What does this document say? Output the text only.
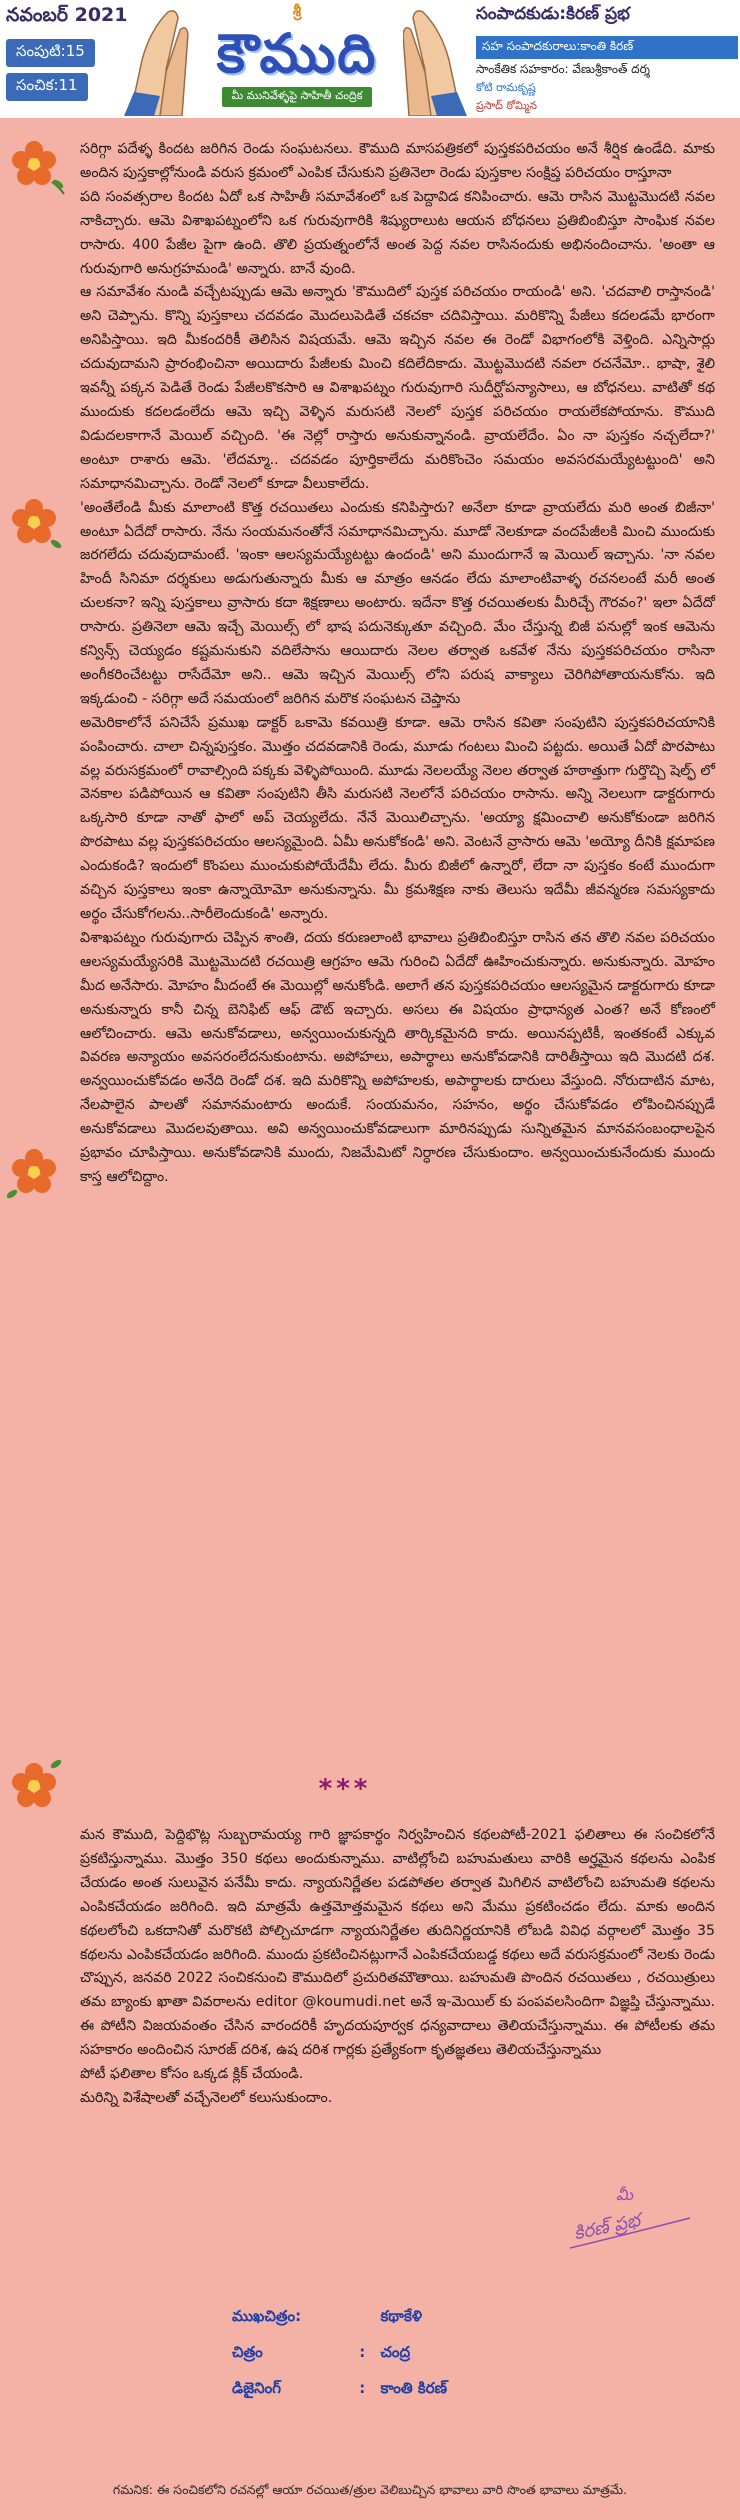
నవంబర్ 2021
సంపుటి:15
సంచిక:11
శ్రీ
కౌముది
మీ మునివేళ్ళపై సాహితీ చంద్రిక
సంపాదకుడు:కిరణ్ ప్రభ
సహ సంపాదకురాలు:కాంతి కిరణ్
సాంకేతిక సహకారం: వేణుశ్రీకాంత్ దర్శ
కోటి రామకృష్ణ
ప్రసాద్ ఠోమ్మిన

సరిగ్గా పదేళ్ళ కిందట జరిగిన రెండు సంఘటనలు. కౌముది మాసపత్రికలో పుస్తకపరిచయం అనే శీర్షిక ఉండేది. మాకు అందిన పుస్తకాల్లోనుండి వరుస క్రమంలో ఎంపిక చేసుకుని ప్రతినెలా రెండు పుస్తకాల సంక్షిప్త పరిచయం రాస్తూనా

పది సంవత్సరాల కిందట ఏదో ఒక సాహితీ సమావేశంలో ఒక పెద్దావిడ కనిపించారు. ఆమె రాసిన మొట్టమొదటి నవల నాకిచ్చారు. ఆమె విశాఖపట్నంలోని ఒక గురువుగారికి శిష్యురాలుట ఆయన బోధనలు ప్రతిబింబిస్తూ సాంఘిక నవల రాసారు. 400 పేజీల పైగా ఉంది. తొలి ప్రయత్నంలోనే అంత పెద్ద నవల రాసినందుకు అభినందించాను. 'అంతా ఆ గురువుగారి అనుగ్రహమండి' అన్నారు. బానే వుంది.

ఆ సమావేశం నుండి వచ్చేటప్పుడు ఆమె అన్నారు 'కౌముదిలో పుస్తక పరిచయం రాయండి' అని. 'చదవాలి రాస్తానండి' అని చెప్పాను. కొన్ని పుస్తకాలు చదవడం మొదలుపెడితే చకచకా చదివిస్తాయి. మరికొన్ని పేజీలు కదలడమే భారంగా అనిపిస్తాయి. ఇది మీకందరికీ తెలిసిన విషయమే. ఆమె ఇచ్చిన నవల ఈ రెండో విభాగంలోకి వెళ్తింది. ఎన్నిసార్లు చదువుదామని ప్రారంభించినా అయిదారు పేజీలకు మించి కదిలేదికాదు. మొట్టమొదటి నవలా రచనేమో.. భాషా, శైలి ఇవన్నీ పక్కన పెడితే రెండు పేజీలకొకసారి ఆ విశాఖపట్నం గురువుగారి సుదీర్ఘోపన్యాసాలు, ఆ బోధనలు. వాటితో కథ ముందుకు కదలడంలేదు ఆమె ఇచ్చి వెళ్ళిన మరుసటి నెలలో పుస్తక పరిచయం రాయలేకపోయాను. కౌముది విడుదలకాగానే మెయిల్ వచ్చింది. 'ఈ నెల్లో రాస్తారు అనుకున్నానండి. వ్రాయలేదేం. ఏం నా పుస్తకం నచ్చలేదా?' అంటూ రాశారు ఆమె. 'లేదమ్మా.. చదవడం పూర్తికాలేదు మరికొంచెం సమయం అవసరమయ్యేటట్టుంది' అని సమాధానమిచ్చాను. రెండో నెలలో కూడా వీలుకాలేదు.

'అంతేలేండి మీకు మాలాంటి కొత్త రచయితలు ఎందుకు కనిపిస్తారు? అనేలా కూడా వ్రాయలేదు మరి అంత బిజీనా' అంటూ ఏదేదో రాసారు. నేను సంయమనంతోనే సమాధానమిచ్చాను. మూడో నెలకూడా వందపేజీలకి మించి ముందుకు జరగలేదు చదువుదామంటే. 'ఇంకా ఆలస్యమయ్యేటట్టు ఉందండి' అని ముందుగానే ఇ మెయిల్ ఇచ్చాను. 'నా నవల హిందీ సినిమా దర్శకులు అడుగుతున్నారు మీకు ఆ మాత్రం ఆనడం లేదు మాలాంటివాళ్ళ రచనలంటే మరీ అంత చులకనా? ఇన్ని పుస్తకాలు వ్రాసారు కదా శిక్షణాలు అంటారు. ఇదేనా కొత్త రచయితలకు మీరిచ్చే గౌరవం?' ఇలా ఏదేదో రాసారు. ప్రతినెలా ఆమె ఇచ్చే మెయిల్స్ లో భాష పదునెక్కుతూ వచ్చింది. మేం చేస్తున్న బిజీ పనుల్లో ఇంక ఆమెను కన్విన్స్ చెయ్యడం కష్టమనుకుని వదిలేసాను ఆయిదారు నెలల తర్వాత ఒకవేళ నేను పుస్తకపరిచయం రాసినా అంగీకరించేటట్టు రాసేదేమో అని.. ఆమె ఇచ్చిన మెయిల్స్ లోని పరుష వాక్యాలు చెరిగిపోతాయనుకోను. ఇది ఇక్కడుంచి - సరిగ్గా అదే సమయంలో జరిగిన మరొక సంఘటన చెప్తాను

అమెరికాలోనే పనిచేసే ప్రముఖ డాక్టర్ ఒకామె కవయిత్రి కూడా. ఆమె రాసిన కవితా సంపుటిని పుస్తకపరిచయానికి పంపించారు. చాలా చిన్నపుస్తకం. మొత్తం చదవడానికి రెండు, మూడు గంటలు మించి పట్టదు. అయితే ఏదో పొరపాటు వల్ల వరుసక్రమంలో రావాల్సింది పక్కకు వెళ్ళిపోయింది. మూడు నెలలయ్యే నెలల తర్వాత హఠాత్తుగా గుర్తొచ్చి షెల్ఫ్ లో వెనకాల పడిపోయిన ఆ కవితా సంపుటిని తీసి మరుసటి నెలలోనే పరిచయం రాసాను. అన్ని నెలలుగా డాక్టరుగారు ఒక్కసారి కూడా నాతో ఫాలో అప్ చెయ్యలేదు. నేనే మెయిలిచ్చాను. 'అయ్యా క్షమించాలి అనుకోకుండా జరిగిన పొరపాటు వల్ల పుస్తకపరిచయం ఆలస్యమైంది. ఏమీ అనుకోకండి' అని. వెంటనే వ్రాసారు ఆమె 'అయ్యో దీనికి క్షమాపణ ఎందుకండి? ఇందులో కొంపలు ముంచుకుపోయేదేమీ లేదు. మీరు బిజీలో ఉన్నారో, లేదా నా పుస్తకం కంటే ముందుగా వచ్చిన పుస్తకాలు ఇంకా ఉన్నాయోమో అనుకున్నాను. మీ క్రమశిక్షణ నాకు తెలుసు ఇదేమీ జీవన్మరణ సమస్యకాదు అర్థం చేసుకోగలను..సారీలెందుకండి' అన్నారు.

విశాఖపట్నం గురువుగారు చెప్పిన శాంతి, దయ కరుణలాంటి భావాలు ప్రతిబింబిస్తూ రాసిన తన తొలి నవల పరిచయం ఆలస్యమయ్యేసరికి మొట్టమొదటి రచయిత్రి ఆగ్రహం ఆమె గురించి ఏదేదో ఊహించుకున్నారు. అనుకున్నారు. మోహం మీద అనేసారు. మోహం మీదంటే ఈ మెయిల్లో అనుకోండి. అలాగే తన పుస్తకపరిచయం ఆలస్యమైన డాక్టరుగారు కూడా అనుకున్నారు కానీ చిన్న బెనిఫిట్ ఆఫ్ డౌట్ ఇచ్చారు. అసలు ఈ విషయం ప్రాధాన్యత ఎంత? అనే కోణంలో ఆలోచించారు. ఆమె అనుకోవడాలు, అన్వయించుకున్నది తార్కికమైనది కాదు. అయినప్పటికీ, ఇంతకంటే ఎక్కువ వివరణ అన్యాయం అవసరంలేదనుకుంటాను. అపోహలు, అపార్థాలు అనుకోవడానికి దారితీస్తాయి ఇది మొదటి దశ. అన్వయించుకోవడం అనేది రెండో దశ. ఇది మరికొన్ని అపోహలకు, అపార్థాలకు దారులు వేస్తుంది. నోరుదాటిన మాట, నేలపాలైన పాలతో సమానమంటారు అందుకే. సంయమనం, సహనం, అర్థం చేసుకోవడం లోపించినప్పుడే అనుకోవడాలు మొదలవుతాయి. అవి అన్వయించుకోవడాలుగా మారినప్పుడు సున్నితమైన మానవసంబంధాలపైన ప్రభావం చూపిస్తాయి. అనుకోవడానికి ముందు, నిజమేమిటో నిర్ధారణ చేసుకుందాం. అన్వయించుకునేందుకు ముందు కాస్త ఆలోచిద్దాం.

***

మన కౌముది, పెద్దిభొట్ల సుబ్బరామయ్య గారి జ్ఞాపకార్థం నిర్వహించిన కథలపోటీ-2021 ఫలితాలు ఈ సంచికలోనే ప్రకటిస్తున్నాము. మొత్తం 350 కథలు అందుకున్నాము. వాటిల్లోంచి బహుమతులు వారికి అర్హమైన కథలను ఎంపిక చేయడం అంత సులువైన పనేమీ కాదు. న్యాయనిర్ణేతల పడపోతల తర్వాత మిగిలిన వాటిలోంచి బహుమతి కథలను ఎంపికచేయడం జరిగింది. ఇది మాత్రమే ఉత్తమోత్తమమైన కథలు అని మేము ప్రకటించడం లేదు. మాకు అందిన కథలలోంచి ఒకదానితో మరొకటి పోల్చిచూడగా న్యాయనిర్ణేతల తుదినిర్ణయానికి లోబడి వివిధ వర్గాలలో మొత్తం 35 కథలను ఎంపికచేయడం జరిగింది. ముందు ప్రకటించినట్లుగానే ఎంపికచేయబడ్డ కథలు అదే వరుసక్రమంలో నెలకు రెండు చొప్పున, జనవరి 2022 సంచికనుంచి కౌముదిలో ప్రచురితమౌతాయి. బహుమతి పొందిన రచయితలు , రచయిత్రులు తమ బ్యాంకు ఖాతా వివరాలను editor @koumudi.net అనే ఇ-మెయిల్ కు పంపవలసిందిగా విజ్ఞప్తి చేస్తున్నాము. ఈ పోటీని విజయవంతం చేసిన వారందరికీ హృదయపూర్వక ధన్యవాదాలు తెలియచేస్తున్నాము. ఈ పోటీలకు తమ సహకారం అందించిన సూరజ్ దరిశ, ఉష దరిశ గార్లకు ప్రత్యేకంగా కృతజ్ఞతలు తెలియచేస్తున్నాము

పోటీ ఫలితాల కోసం ఒక్కడ క్లిక్ చేయండి.

మరిన్ని విశేషాలతో వచ్చేనెలలో కలుసుకుందాం.

మీ
కిరణ్ ప్రభ
ముఖచిత్రం:	కథాకేళి
చిత్రం	: చంద్ర
డిజైనింగ్	: కాంతి కిరణ్
గమనిక: ఈ సంచికలోని రచనల్లో ఆయా రచయిత/త్రుల వెలిబుచ్చిన భావాలు వారి సొంత భావాలు మాత్రమే.
